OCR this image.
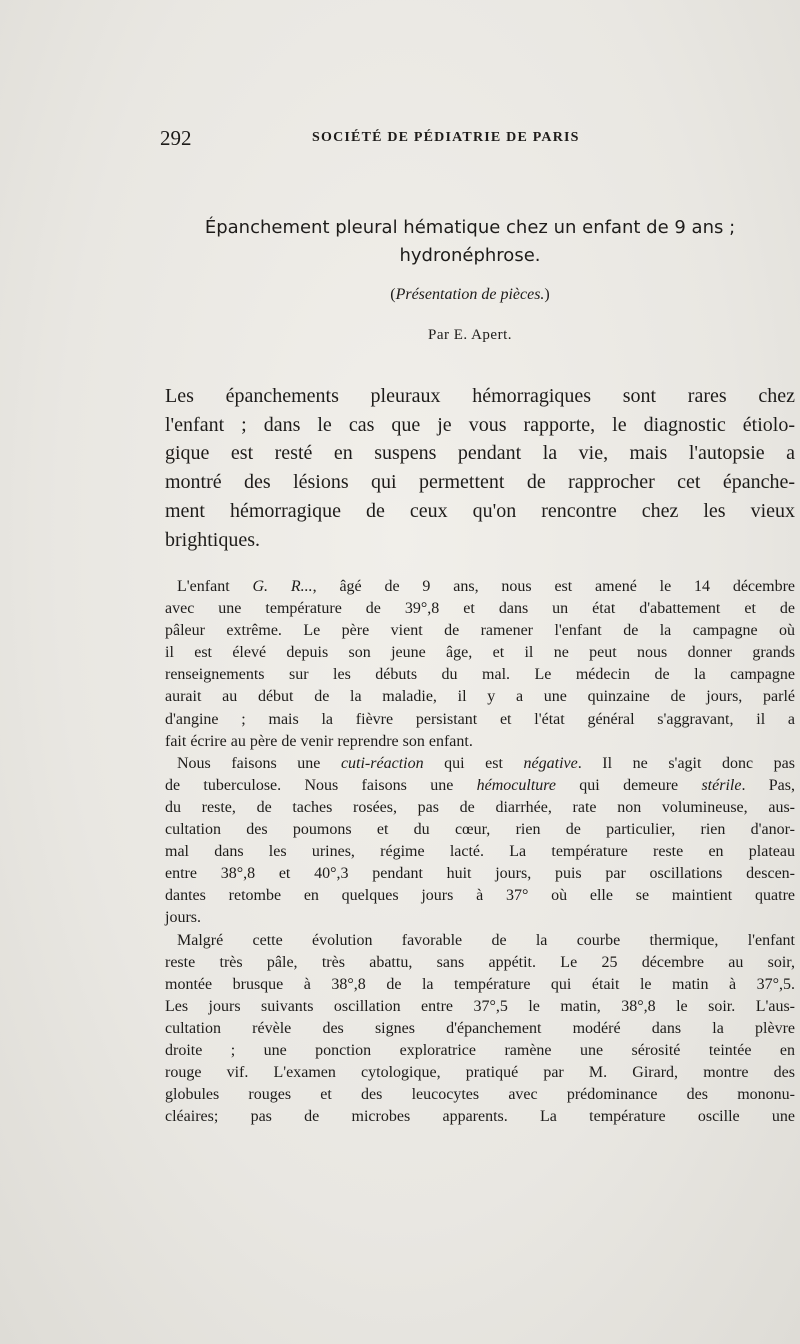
292	SOCIÉTÉ DE PÉDIATRIE DE PARIS
Épanchement pleural hématique chez un enfant de 9 ans ;
hydronéphrose.
(Présentation de pièces.)
Par E. Apert.
Les épanchements pleuraux hémorragiques sont rares chez
l'enfant ; dans le cas que je vous rapporte, le diagnostic étiolo-
gique est resté en suspens pendant la vie, mais l'autopsie a
montré des lésions qui permettent de rapprocher cet épanche-
ment hémorragique de ceux qu'on rencontre chez les vieux
brightiques.
L'enfant G. R..., âgé de 9 ans, nous est amené le 14 décembre
avec une température de 39°,8 et dans un état d'abattement et de
pâleur extrême. Le père vient de ramener l'enfant de la campagne où
il est élevé depuis son jeune âge, et il ne peut nous donner grands
renseignements sur les débuts du mal. Le médecin de la campagne
aurait au début de la maladie, il y a une quinzaine de jours, parlé
d'angine ; mais la fièvre persistant et l'état général s'aggravant, il a
fait écrire au père de venir reprendre son enfant.
Nous faisons une cuti-réaction qui est négative. Il ne s'agit donc pas
de tuberculose. Nous faisons une hémoculture qui demeure stérile. Pas,
du reste, de taches rosées, pas de diarrhée, rate non volumineuse, aus-
cultation des poumons et du cœur, rien de particulier, rien d'anor-
mal dans les urines, régime lacté. La température reste en plateau
entre 38°,8 et 40°,3 pendant huit jours, puis par oscillations descen-
dantes retombe en quelques jours à 37° où elle se maintient quatre
jours.
Malgré cette évolution favorable de la courbe thermique, l'enfant
reste très pâle, très abattu, sans appétit. Le 25 décembre au soir,
montée brusque à 38°,8 de la température qui était le matin à 37°,5.
Les jours suivants oscillation entre 37°,5 le matin, 38°,8 le soir. L'aus-
cultation révèle des signes d'épanchement modéré dans la plèvre
droite ; une ponction exploratrice ramène une sérosité teintée en
rouge vif. L'examen cytologique, pratiqué par M. Girard, montre des
globules rouges et des leucocytes avec prédominance des mononu-
cléaires; pas de microbes apparents. La température oscille une
